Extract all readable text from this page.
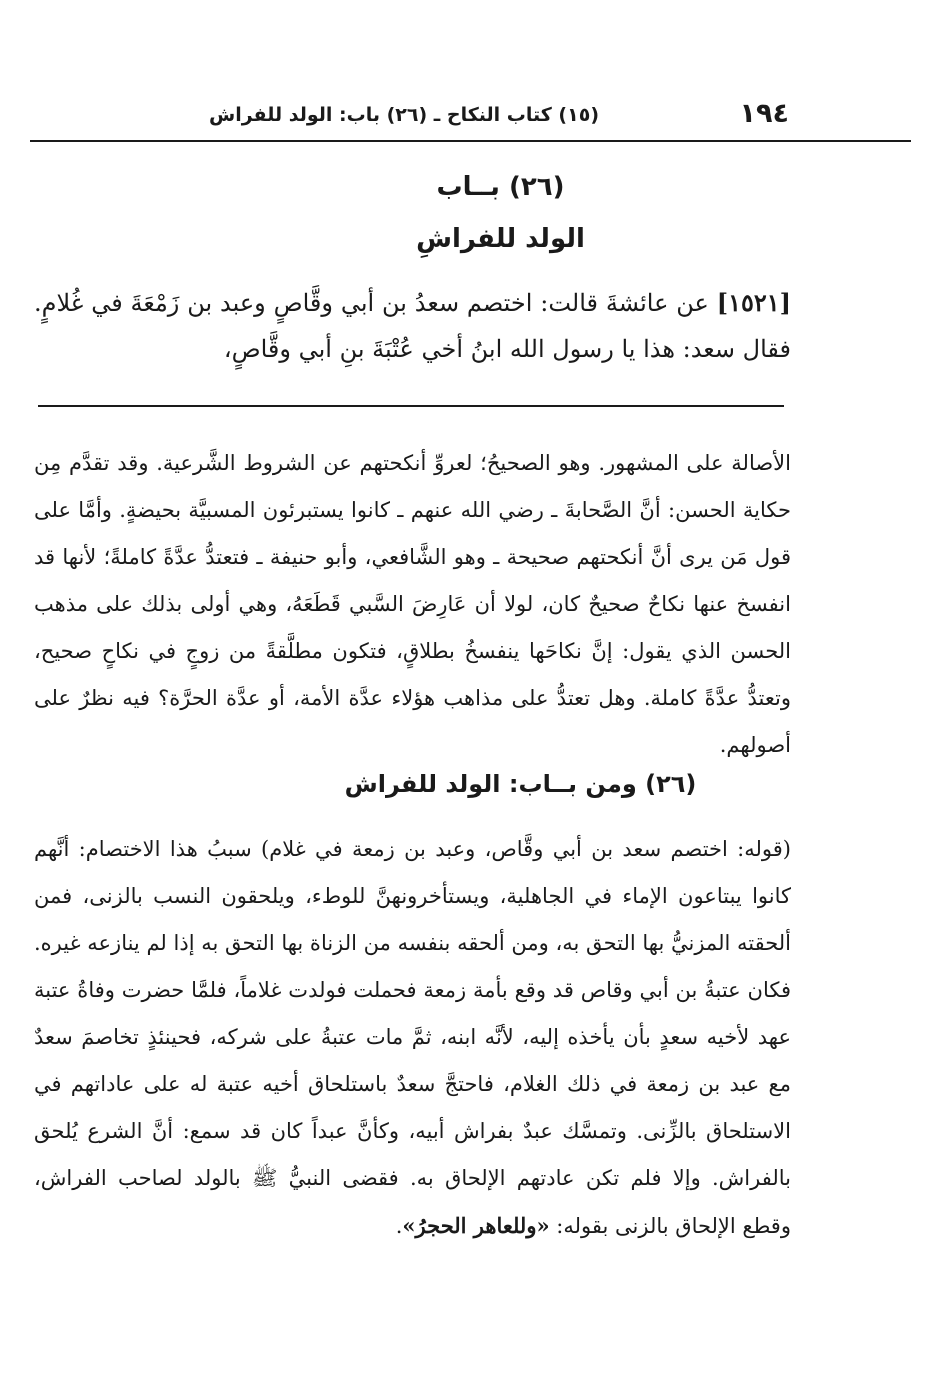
١٩٤
(١٥) كتاب النكاح ـ (٢٦) باب: الولد للفراش
(٢٦) بــاب
الولد للفراشِ

[١٥٢١] عن عائشةَ قالت: اختصم سعدُ بن أبي وقَّاصٍ وعبد بن زَمْعَةَ في غُلامٍ. فقال سعد: هذا يا رسول الله ابنُ أخي عُتْبَةَ بنِ أبي وقَّاصٍ،

الأصالة على المشهور. وهو الصحيحُ؛ لعروِّ أنكحتهم عن الشروط الشَّرعية. وقد تقدَّم مِن حكاية الحسن: أنَّ الصَّحابةَ ـ رضي الله عنهم ـ كانوا يستبرئون المسبيَّة بحيضةٍ. وأمَّا على قول مَن يرى أنَّ أنكحتهم صحيحة ـ وهو الشَّافعي، وأبو حنيفة ـ فتعتدُّ عدَّةً كاملةً؛ لأنها قد انفسخ عنها نكاحٌ صحيحٌ كان، لولا أن عَارِضَ السَّبي قَطَعَهُ، وهي أولى بذلك على مذهب الحسن الذي يقول: إنَّ نكاحَها ينفسخُ بطلاقٍ، فتكون مطلَّقةً من زوجٍ في نكاحٍ صحيح، وتعتدُّ عدَّةً كاملة. وهل تعتدُّ على مذاهب هؤلاء عدَّة الأمة، أو عدَّة الحرَّة؟ فيه نظرٌ على أصولهم.

(٢٦) ومن بــاب: الولد للفراش

(قوله: اختصم سعد بن أبي وقَّاص، وعبد بن زمعة في غلام) سببُ هذا الاختصام: أنَّهم كانوا يبتاعون الإماء في الجاهلية، ويستأخرونهنَّ للوطء، ويلحقون النسب بالزنى، فمن ألحقته المزنيُّ بها التحق به، ومن ألحقه بنفسه من الزناة بها التحق به إذا لم ينازعه غيره. فكان عتبةُ بن أبي وقاص قد وقع بأمة زمعة فحملت فولدت غلاماً، فلمَّا حضرت وفاةُ عتبة عهد لأخيه سعدٍ بأن يأخذه إليه، لأنَّه ابنه، ثمَّ مات عتبةُ على شركه، فحينئذٍ تخاصمَ سعدٌ مع عبد بن زمعة في ذلك الغلام، فاحتجَّ سعدٌ باستلحاق أخيه عتبة له على عاداتهم في الاستلحاق بالزِّنى. وتمسَّك عبدٌ بفراش أبيه، وكأنَّ عبداً كان قد سمع: أنَّ الشرع يُلحق بالفراش. وإلا فلم تكن عادتهم الإلحاق به. فقضى النبيُّ ﷺ بالولد لصاحب الفراش، وقطع الإلحاق بالزنى بقوله: «وللعاهر الحجرُ».
